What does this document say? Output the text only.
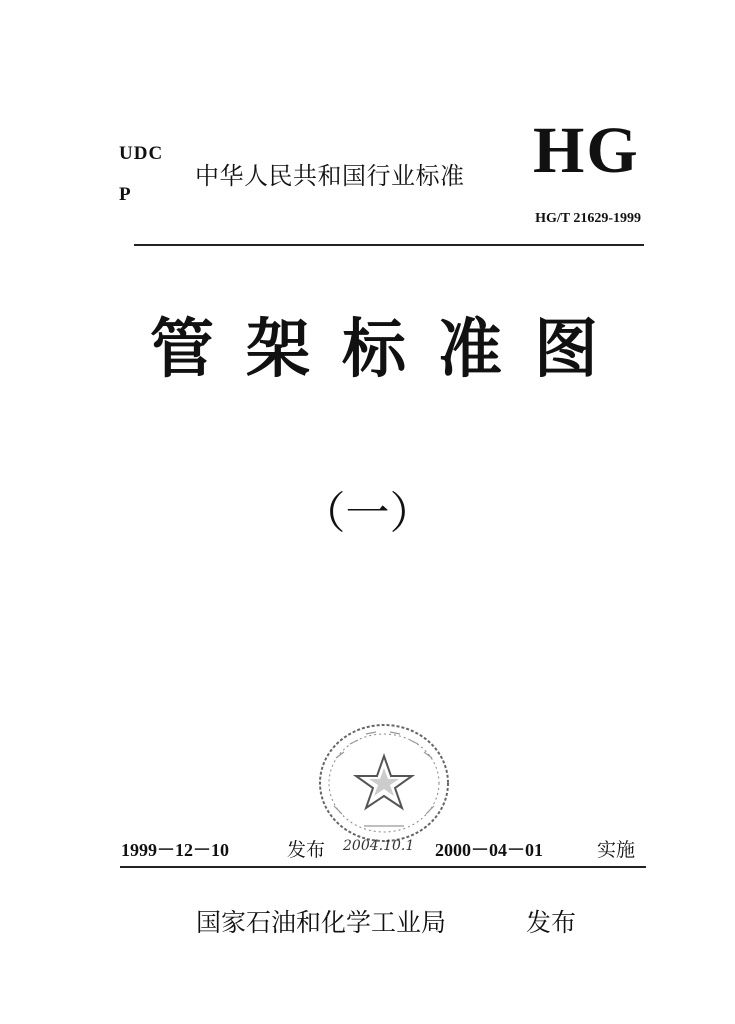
UDC
P
中华人民共和国行业标准 HG
HG/T 21629-1999
管架标准图
（一）
1999－12－10	发布 2004.10.1 2000－04－01	实施
国家石油和化学工业局	发布
